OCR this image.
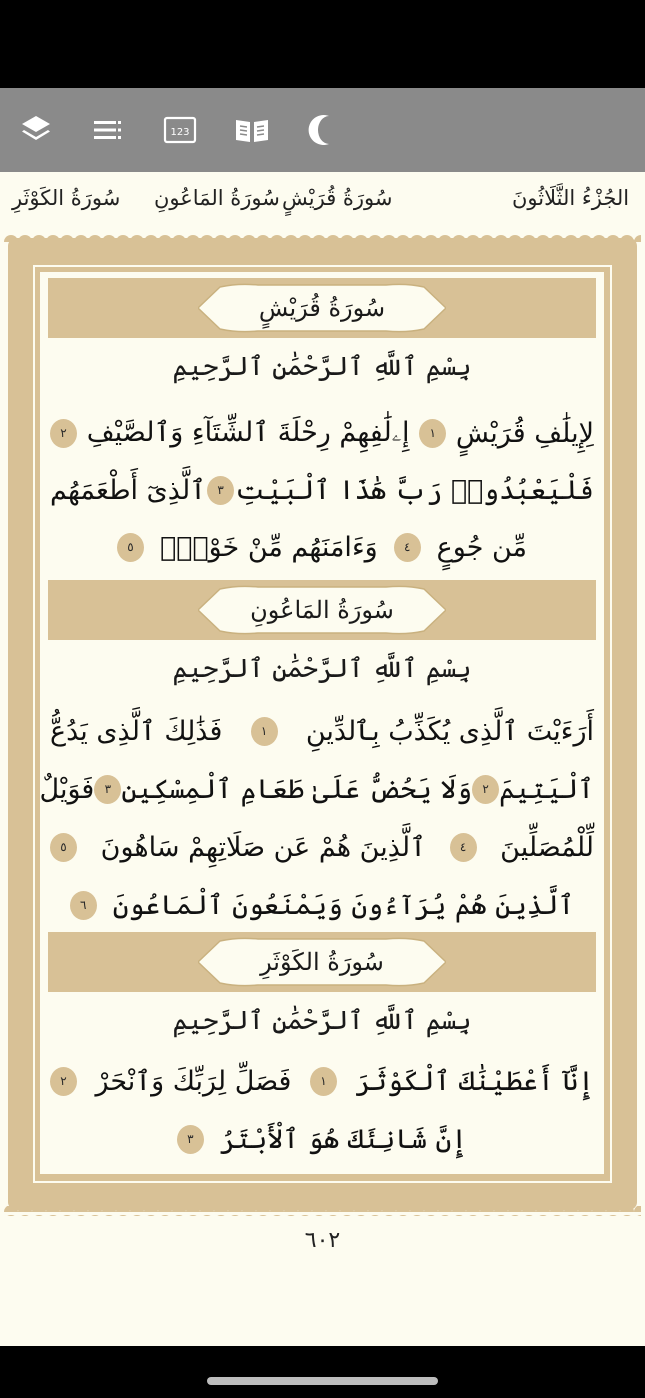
123
الجُزْءُ الثَّلَاثُونَ
سُورَةُ قُرَيْشٍ
سُورَةُ المَاعُونِ
سُورَةُ الكَوْثَرِ
سُورَةُ قُرَيْشٍ
بِسْمِ ٱللَّهِ ٱلرَّحْمَٰنِ ٱلرَّحِيمِ
لِإِيلَٰفِ قُرَيْشٍ
١
إِۦلَٰفِهِمْ رِحْلَةَ ٱلشِّتَآءِ وَٱلصَّيْفِ
٢
فَلْيَعْبُدُوا۟ رَبَّ هَٰذَا ٱلْبَيْتِ
٣
ٱلَّذِىٓ أَطْعَمَهُم
مِّن جُوعٍ
٤
وَءَامَنَهُم مِّنْ خَوْفٍۭ
٥
سُورَةُ المَاعُونِ
بِسْمِ ٱللَّهِ ٱلرَّحْمَٰنِ ٱلرَّحِيمِ
أَرَءَيْتَ ٱلَّذِى يُكَذِّبُ بِٱلدِّينِ
١
فَذَٰلِكَ ٱلَّذِى يَدُعُّ
ٱلْيَتِيمَ
٢
وَلَا يَحُضُّ عَلَىٰ طَعَامِ ٱلْمِسْكِينِ
٣
فَوَيْلٌ
لِّلْمُصَلِّينَ
٤
ٱلَّذِينَ هُمْ عَن صَلَاتِهِمْ سَاهُونَ
٥
ٱلَّذِينَ هُمْ يُرَآءُونَ وَيَمْنَعُونَ ٱلْمَاعُونَ
٦
سُورَةُ الكَوْثَرِ
بِسْمِ ٱللَّهِ ٱلرَّحْمَٰنِ ٱلرَّحِيمِ
إِنَّآ أَعْطَيْنَٰكَ ٱلْكَوْثَرَ
١
فَصَلِّ لِرَبِّكَ وَٱنْحَرْ
٢
إِنَّ شَانِئَكَ هُوَ ٱلْأَبْتَرُ
٣
٦٠٢
